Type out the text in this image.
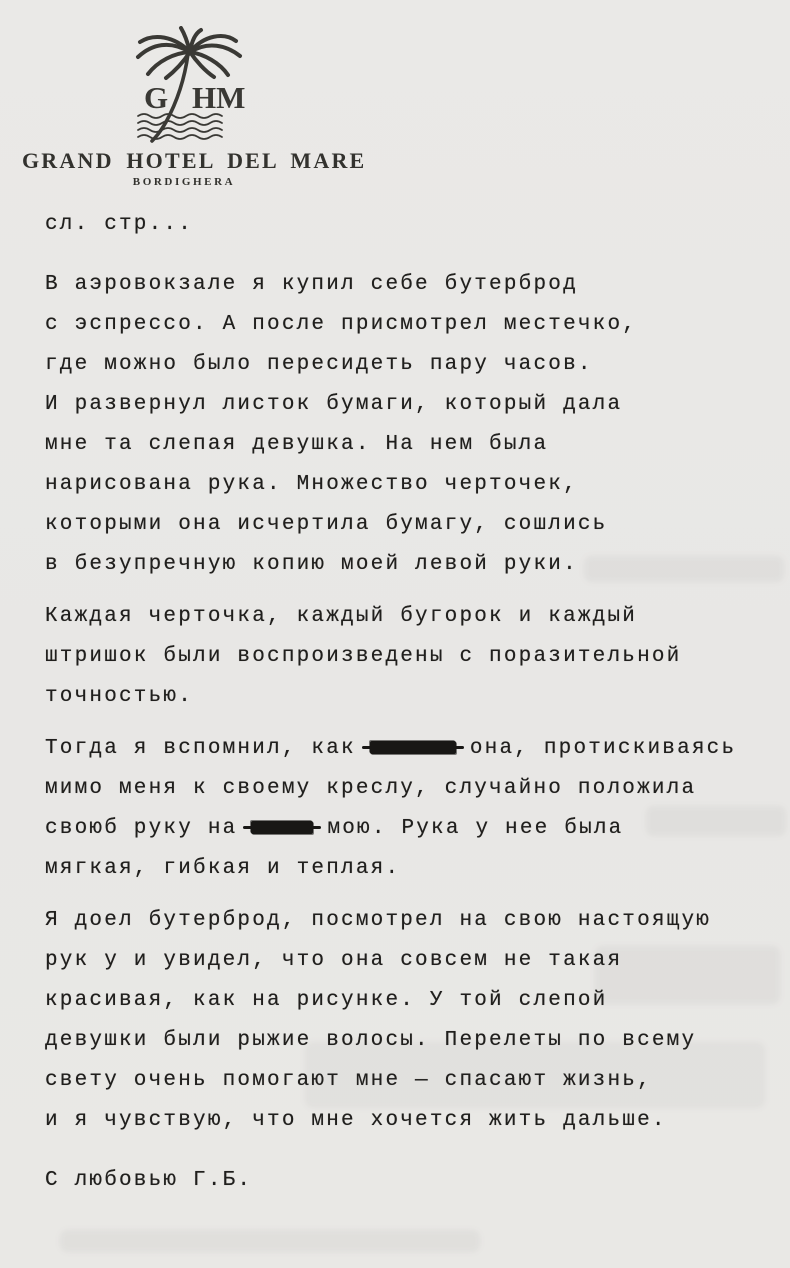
G HM
GRAND HOTEL DEL MARE
BORDIGHERA
сл. стр...
В аэровокзале я купил себе бутерброд
с эспрессо. А после присмотрел местечко,
где можно было пересидеть пару часов.
И развернул листок бумаги, который дала
мне та слепая девушка. На нем была
нарисована рука. Множество черточек,
которыми она исчертила бумагу, сошлись
в безупречную копию моей левой руки.
Каждая черточка, каждый бугорок и каждый
штришок были воспроизведены с поразительной
точностью.
Тогда я вспомнил, как	она, протискиваясь
мимо меня к своему креслу, случайно положила
своюб руку на	мою. Рука у нее была
мягкая, гибкая и теплая.
Я доел бутерброд, посмотрел на свою настоящую
рук у и увидел, что она совсем не такая
красивая, как на рисунке. У той слепой
девушки были рыжие волосы. Перелеты по всему
свету очень помогают мне — спасают жизнь,
и я чувствую, что мне хочется жить дальше.
С любовью Г.Б.
